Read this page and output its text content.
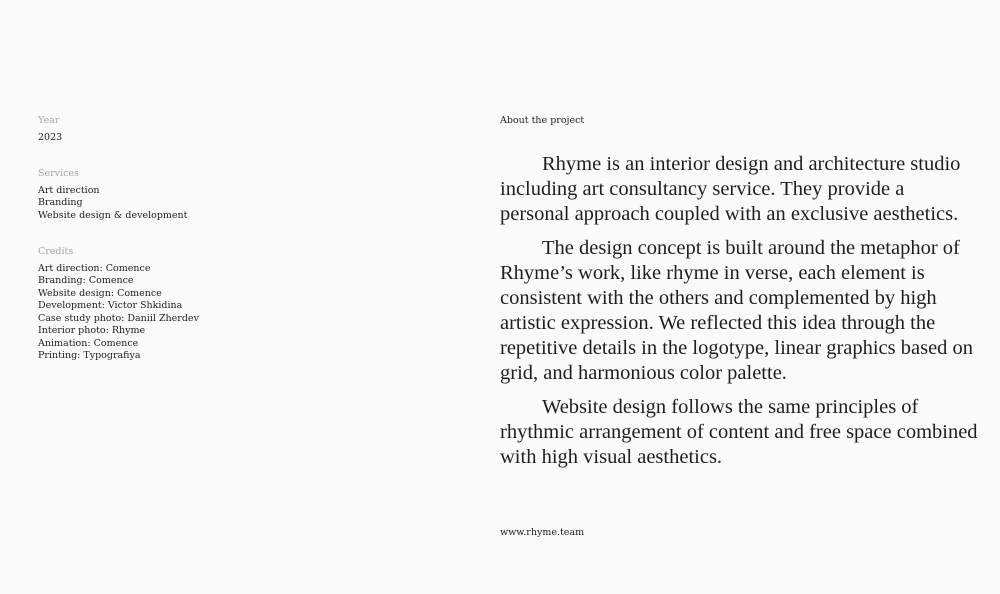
Year

2023

Services

Art direction
Branding
Website design & development

Credits

Art direction: Comence
Branding: Comence
Website design: Comence
Development: Victor Shkidina
Case study photo: Daniil Zherdev
Interior photo: Rhyme
Animation: Comence
Printing: Typografiya

About the project

Rhyme is an interior design and architecture studio including art consultancy service. They provide a personal approach coupled with an exclusive aesthetics.

The design concept is built around the metaphor of Rhyme’s work, like rhyme in verse, each element is consistent with the others and complemented by high artistic expression. We reflected this idea through the repetitive details in the logotype, linear graphics based on grid, and harmonious color palette.

Website design follows the same principles of rhythmic arrangement of content and free space combined with high visual aesthetics.

www.rhyme.team
